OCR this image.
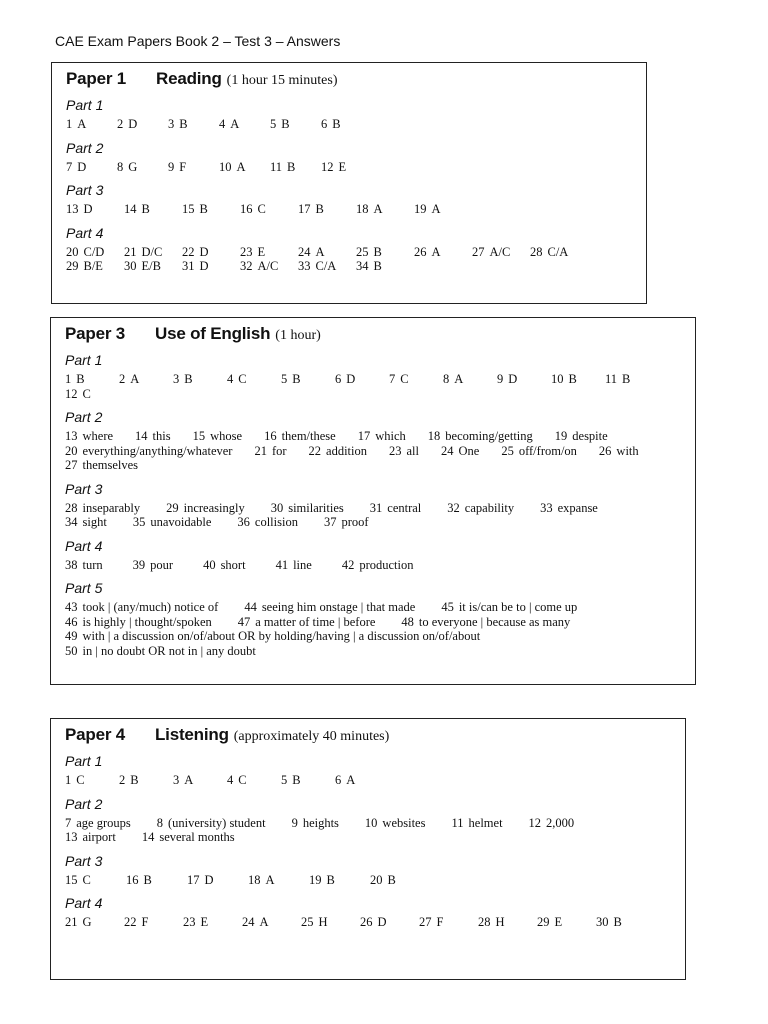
CAE Exam Papers Book 2 – Test 3 – Answers
Paper 1	Reading (1 hour 15 minutes)
Part 1
1 A	2 D	3 B	4 A	5 B	6 B
Part 2
7 D	8 G	9 F	10 A	11 B	12 E
Part 3
13 D	14 B	15 B	16 C	17 B	18 A	19 A
Part 4
20 C/D	21 D/C	22 D	23 E	24 A	25 B	26 A	27 A/C	28 C/A
29 B/E	30 E/B	31 D	32 A/C	33 C/A	34 B
Paper 3	Use of English (1 hour)
Part 1
1 B	2 A	3 B	4 C	5 B	6 D	7 C	8 A	9 D	10 B	11 B
12 C
Part 2
13 where 14 this 15 whose 16 them/these 17 which 18 becoming/getting 19 despite
20 everything/anything/whatever 21 for 22 addition 23 all 24 One 25 off/from/on 26 with
27 themselves
Part 3
28 inseparably 29 increasingly 30 similarities 31 central 32 capability 33 expanse
34 sight 35 unavoidable 36 collision 37 proof
Part 4
38 turn 39 pour 40 short 41 line 42 production
Part 5
43 took | (any/much) notice of 44 seeing him onstage | that made 45 it is/can be to | come up
46 is highly | thought/spoken 47 a matter of time | before 48 to everyone | because as many
49 with | a discussion on/of/about OR by holding/having | a discussion on/of/about
50 in | no doubt OR not in | any doubt
Paper 4	Listening (approximately 40 minutes)
Part 1
1 C	2 B	3 A	4 C	5 B	6 A
Part 2
7 age groups 8 (university) student 9 heights 10 websites 11 helmet 12 2,000
13 airport 14 several months
Part 3
15 C	16 B	17 D	18 A	19 B	20 B
Part 4
21 G	22 F	23 E	24 A	25 H	26 D	27 F	28 H	29 E	30 B
